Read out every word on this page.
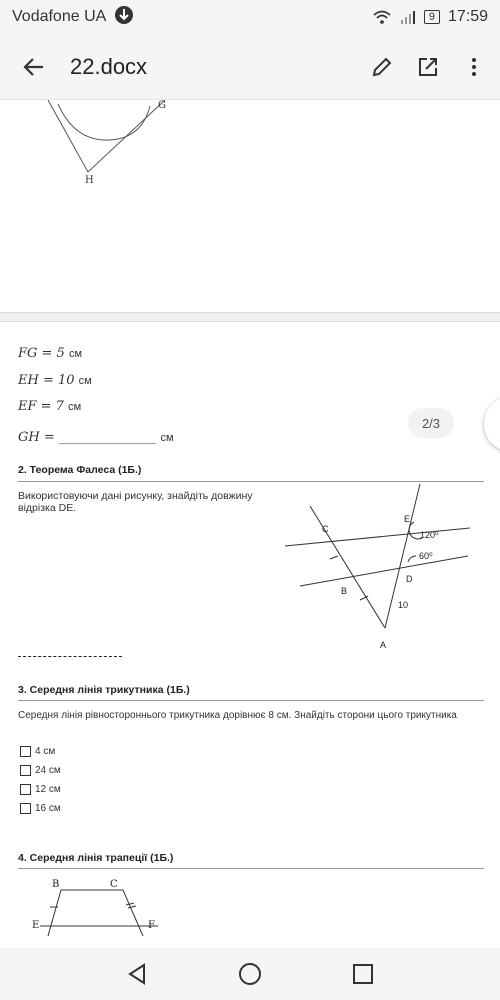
Vodafone UA	9 17:59
22.docx
G
H
FG = 5 см
EH = 10 см
EF = 7 см
GH = _______________ см
2/3
2. Теорема Фалеса (1Б.)
Використовуючи дані рисунку, знайдіть довжину
відрізка DE.
C
E
120⁰
60⁰
D
B
10
A
3. Середня лінія трикутника (1Б.)
Середня лінія рівностороннього трикутника дорівнює 8 см. Знайдіть сторони цього трикутника
4 см
24 см
12 см
16 см
4. Середня лінія трапеції (1Б.)
B	C
E	F
